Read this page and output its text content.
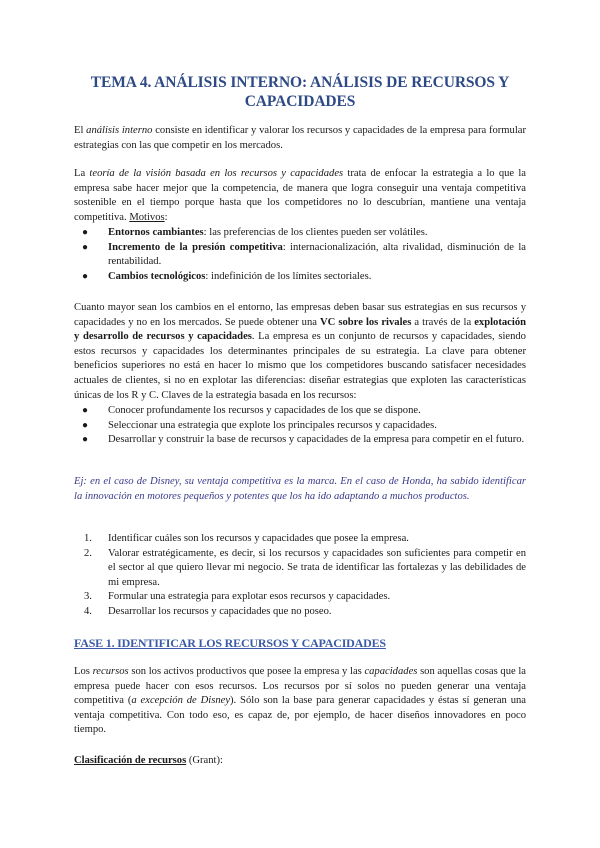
TEMA 4. ANÁLISIS INTERNO: ANÁLISIS DE RECURSOS Y CAPACIDADES

El análisis interno consiste en identificar y valorar los recursos y capacidades de la empresa para formular estrategias con las que competir en los mercados.

La teoría de la visión basada en los recursos y capacidades trata de enfocar la estrategia a lo que la empresa sabe hacer mejor que la competencia, de manera que logra conseguir una ventaja competitiva sostenible en el tiempo porque hasta que los competidores no lo descubrían, mantiene una ventaja competitiva. Motivos:

● Entornos cambiantes: las preferencias de los clientes pueden ser volátiles.
● Incremento de la presión competitiva: internacionalización, alta rivalidad, disminución de la rentabilidad.
● Cambios tecnológicos: indefinición de los límites sectoriales.

Cuanto mayor sean los cambios en el entorno, las empresas deben basar sus estrategias en sus recursos y capacidades y no en los mercados. Se puede obtener una VC sobre los rivales a través de la explotación y desarrollo de recursos y capacidades. La empresa es un conjunto de recursos y capacidades, siendo estos recursos y capacidades los determinantes principales de su estrategia. La clave para obtener beneficios superiores no está en hacer lo mismo que los competidores buscando satisfacer necesidades actuales de clientes, si no en explotar las diferencias: diseñar estrategias que exploten las características únicas de los R y C. Claves de la estrategia basada en los recursos:

● Conocer profundamente los recursos y capacidades de los que se dispone.
● Seleccionar una estrategia que explote los principales recursos y capacidades.
● Desarrollar y construir la base de recursos y capacidades de la empresa para competir en el futuro.

Ej: en el caso de Disney, su ventaja competitiva es la marca. En el caso de Honda, ha sabido identificar la innovación en motores pequeños y potentes que los ha ido adaptando a muchos productos.

1. Identificar cuáles son los recursos y capacidades que posee la empresa.
2. Valorar estratégicamente, es decir, si los recursos y capacidades son suficientes para competir en el sector al que quiero llevar mi negocio. Se trata de identificar las fortalezas y las debilidades de mi empresa.
3. Formular una estrategia para explotar esos recursos y capacidades.
4. Desarrollar los recursos y capacidades que no poseo.
FASE 1. IDENTIFICAR LOS RECURSOS Y CAPACIDADES

Los recursos son los activos productivos que posee la empresa y las capacidades son aquellas cosas que la empresa puede hacer con esos recursos. Los recursos por sí solos no pueden generar una ventaja competitiva (a excepción de Disney). Sólo son la base para generar capacidades y éstas sí generan una ventaja competitiva. Con todo eso, es capaz de, por ejemplo, de hacer diseños innovadores en poco tiempo.

Clasificación de recursos (Grant):
